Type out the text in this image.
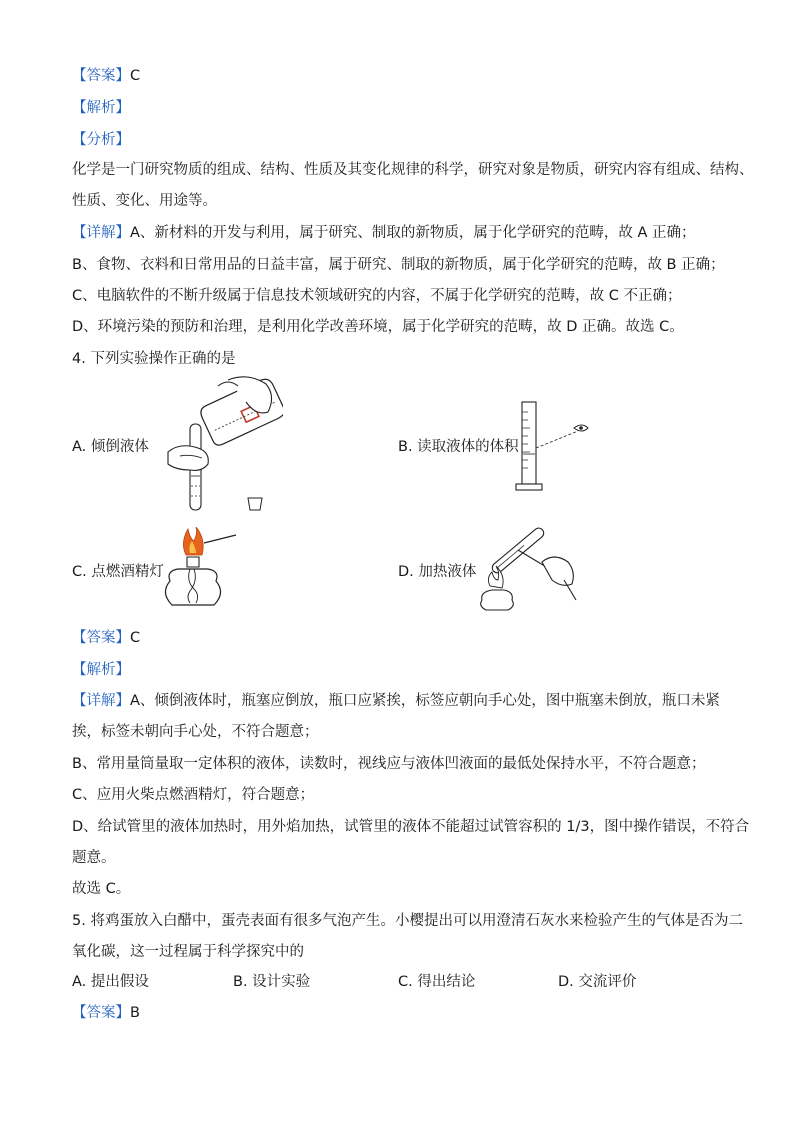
【答案】C
【解析】
【分析】
化学是一门研究物质的组成、结构、性质及其变化规律的科学，研究对象是物质，研究内容有组成、结构、
性质、变化、用途等。
【详解】A、新材料的开发与利用，属于研究、制取的新物质，属于化学研究的范畴，故 A 正确；
B、食物、衣料和日常用品的日益丰富，属于研究、制取的新物质，属于化学研究的范畴，故 B 正确；
C、电脑软件的不断升级属于信息技术领域研究的内容，不属于化学研究的范畴，故 C 不正确；
D、环境污染的预防和治理，是利用化学改善环境，属于化学研究的范畴，故 D 正确。故选 C。
4. 下列实验操作正确的是
A. 倾倒液体	B. 读取液体的体积
C. 点燃酒精灯	D. 加热液体
【答案】C
【解析】
【详解】A、倾倒液体时，瓶塞应倒放，瓶口应紧挨，标签应朝向手心处，图中瓶塞未倒放，瓶口未紧
挨，标签未朝向手心处，不符合题意；
B、常用量筒量取一定体积的液体，读数时，视线应与液体凹液面的最低处保持水平，不符合题意；
C、应用火柴点燃酒精灯，符合题意；
D、给试管里的液体加热时，用外焰加热，试管里的液体不能超过试管容积的 1/3，图中操作错误，不符合
题意。
故选 C。
5. 将鸡蛋放入白醋中，蛋壳表面有很多气泡产生。小樱提出可以用澄清石灰水来检验产生的气体是否为二
氧化碳，这一过程属于科学探究中的
A. 提出假设	B. 设计实验	C. 得出结论	D. 交流评价
【答案】B
